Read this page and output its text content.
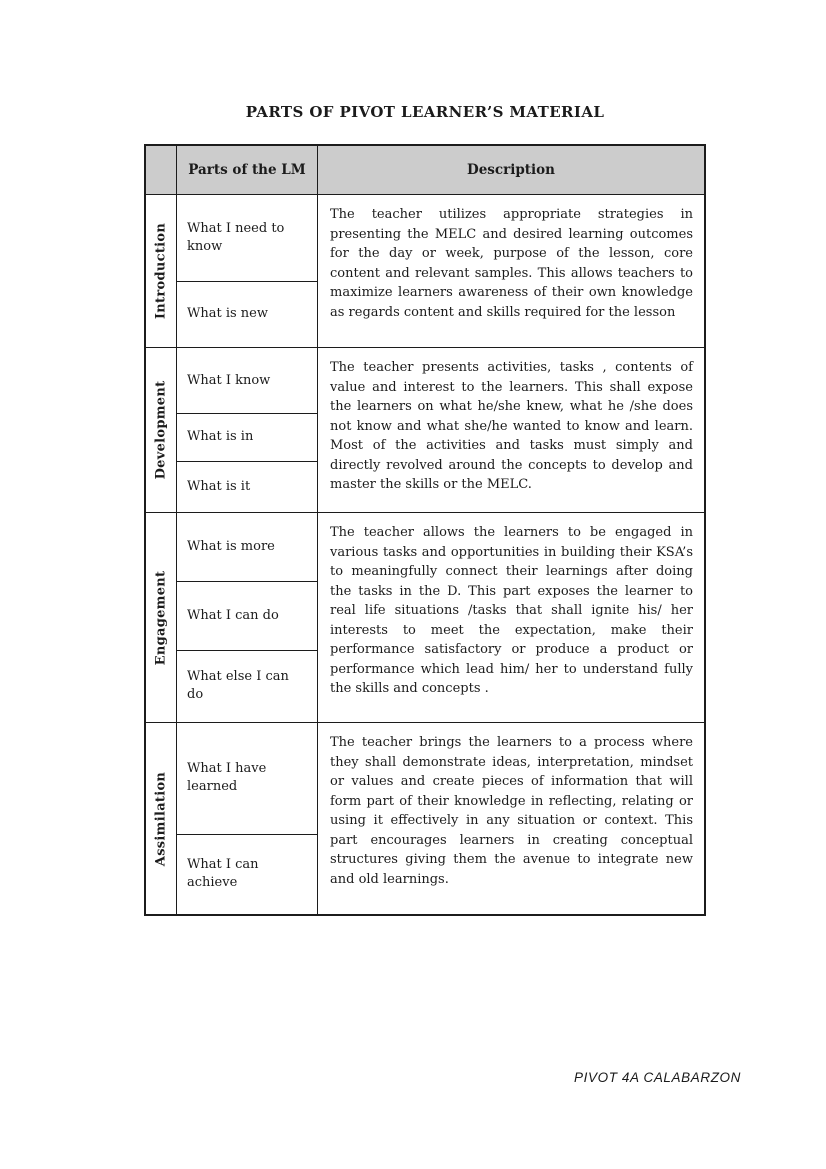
PARTS OF PIVOT LEARNER’S MATERIAL
Parts of the LM	Description
Introduction What I need to know
What is new
The teacher utilizes appropriate strategies in presenting the MELC and desired learning outcomes for the day or week, purpose of the lesson, core content and relevant samples. This allows teachers to maximize learners awareness of their own knowledge as regards content and skills required for the lesson
Development
What I know
What is in
What is it
The teacher presents activities, tasks , contents of value and interest to the learners. This shall expose the learners on what he/she knew, what he /she does not know and what she/he wanted to know and learn. Most of the activities and tasks must simply and directly revolved around the concepts to develop and master the skills or the MELC.
Engagement
What is more
What I can do
What else I can do
The teacher allows the learners to be engaged in various tasks and opportunities in building their KSA’s to meaningfully connect their learnings after doing the tasks in the D. This part exposes the learner to real life situations /tasks that shall ignite his/ her interests to meet the expectation, make their performance satisfactory or produce a product or performance which lead him/ her to understand fully the skills and concepts .
Assimilation
What I have learned
What I can achieve
The teacher brings the learners to a process where they shall demonstrate ideas, interpretation, mindset or values and create pieces of information that will form part of their knowledge in reflecting, relating or using it effectively in any situation or context. This part encourages learners in creating conceptual structures giving them the avenue to integrate new and old learnings.
PIVOT 4A CALABARZON
